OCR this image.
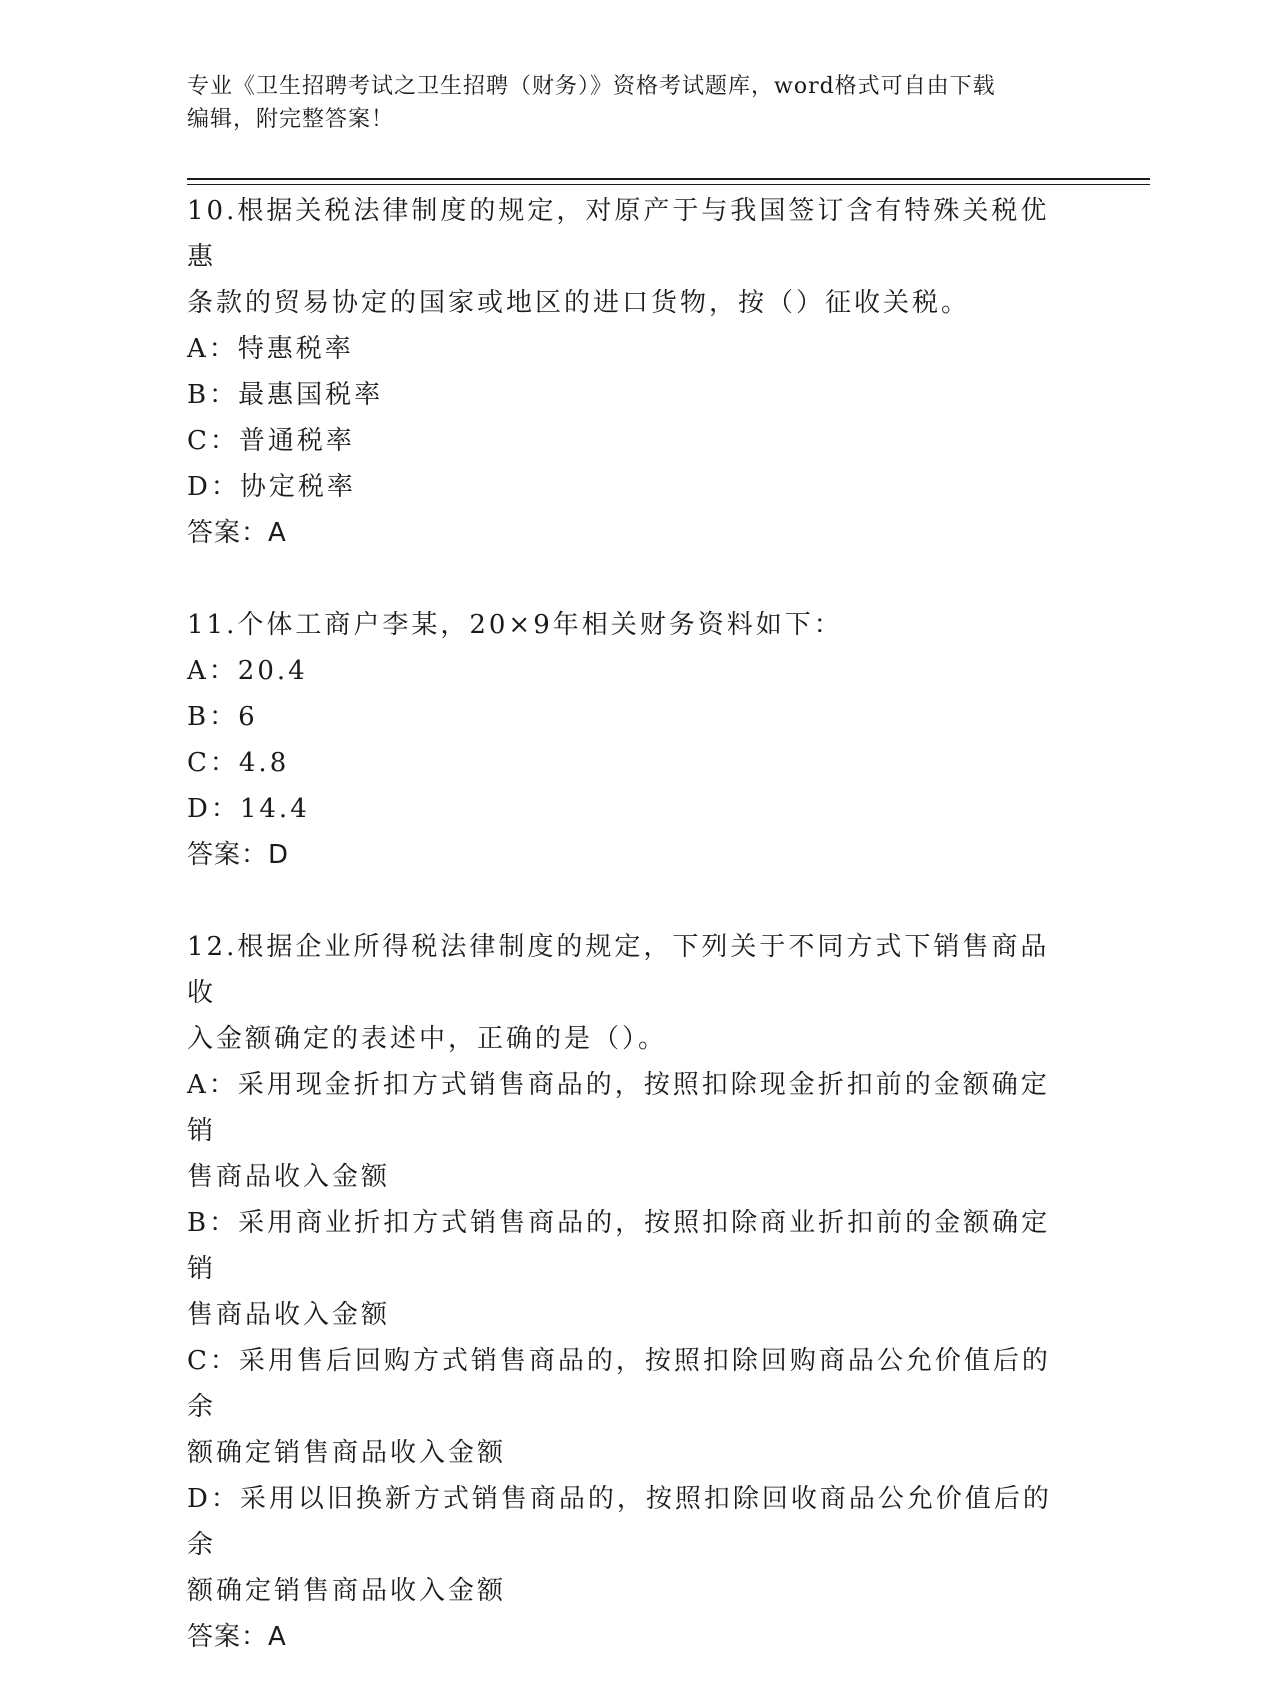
专业《卫生招聘考试之卫生招聘（财务）》资格考试题库，word格式可自由下载
编辑，附完整答案！
10.根据关税法律制度的规定，对原产于与我国签订含有特殊关税优惠
条款的贸易协定的国家或地区的进口货物，按（）征收关税。
A：特惠税率
B：最惠国税率
C：普通税率
D：协定税率
答案：A
11.个体工商户李某，20×9年相关财务资料如下：
A：20.4
B：6
C：4.8
D：14.4
答案：D
12.根据企业所得税法律制度的规定，下列关于不同方式下销售商品收
入金额确定的表述中，正确的是（）。
A：采用现金折扣方式销售商品的，按照扣除现金折扣前的金额确定销
售商品收入金额
B：采用商业折扣方式销售商品的，按照扣除商业折扣前的金额确定销
售商品收入金额
C：采用售后回购方式销售商品的，按照扣除回购商品公允价值后的余
额确定销售商品收入金额
D：采用以旧换新方式销售商品的，按照扣除回收商品公允价值后的余
额确定销售商品收入金额
答案：A
